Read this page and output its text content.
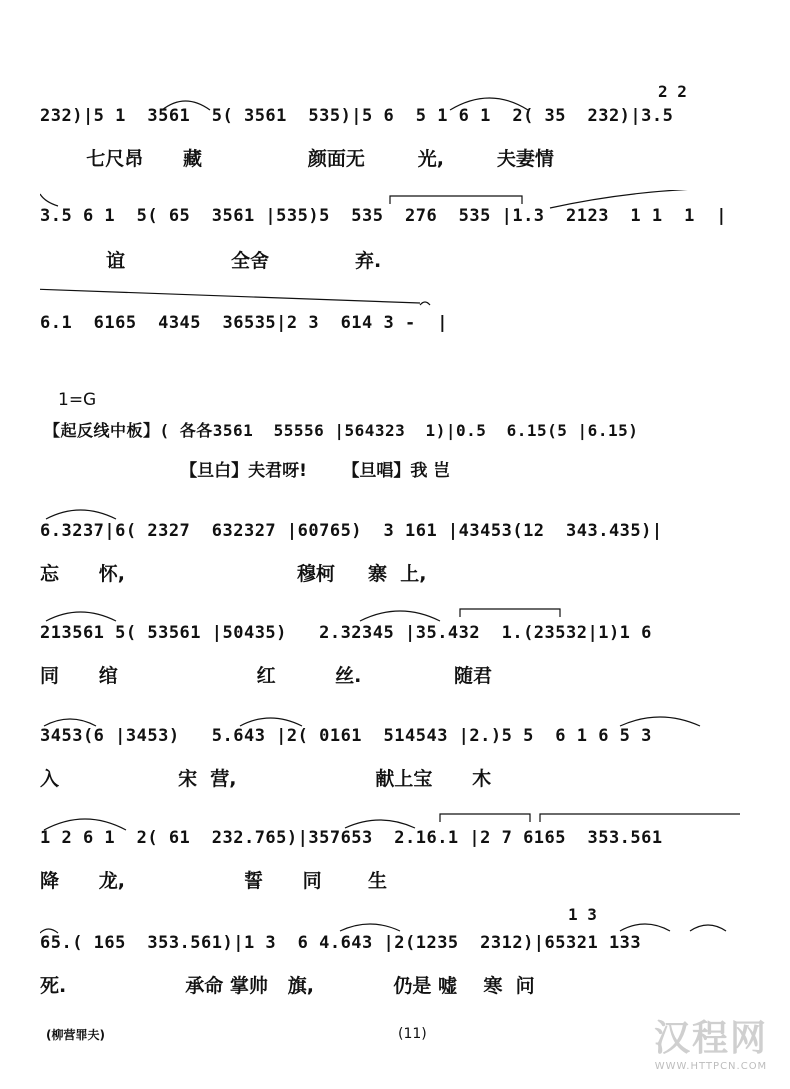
2 2
232)|5 1  3561  5( 3561  535)|5 6  5 1 6 1  2( 35  232)|3.5
七尺昂      藏                颜面无        光,        夫妻情
3.5 6 1  5( 65  3561 |535)5  535  276  535 |1.3  2123  1 1  1  |
谊                全舍             弃.
6.1  6165  4345  36535|2 3  614 3 -  |
1=G
【起反线中板】( 各各3561  55556 |564323  1)|0.5  6.15(5 |6.15)
【旦白】夫君呀!      【旦唱】我 岂
6.3237|6( 2327  632327 |60765)  3 161 |43453(12  343.435)|
忘      怀,                          穆柯     寨  上,
213561 5( 53561 |50435)   2.32345 |35.432  1.(23532|1)1 6
同      绾                     红         丝.              随君
3453(6 |3453)   5.643 |2( 0161  514543 |2.)5 5  6 1 6 5 3
入                  宋  营,                     献上宝      木
1 2 6 1  2( 61  232.765)|357653  2.16.1 |2 7 6165  353.561
降      龙,                  誓      同       生
1 3
65.( 165  353.561)|1 3  6 4.643 |2(1235  2312)|65321 133
死.                  承命 掌帅   旗,            仍是 嘘    寒  问
(柳营罪夫)	(11)	汉程网
WWW.HTTPCN.COM
